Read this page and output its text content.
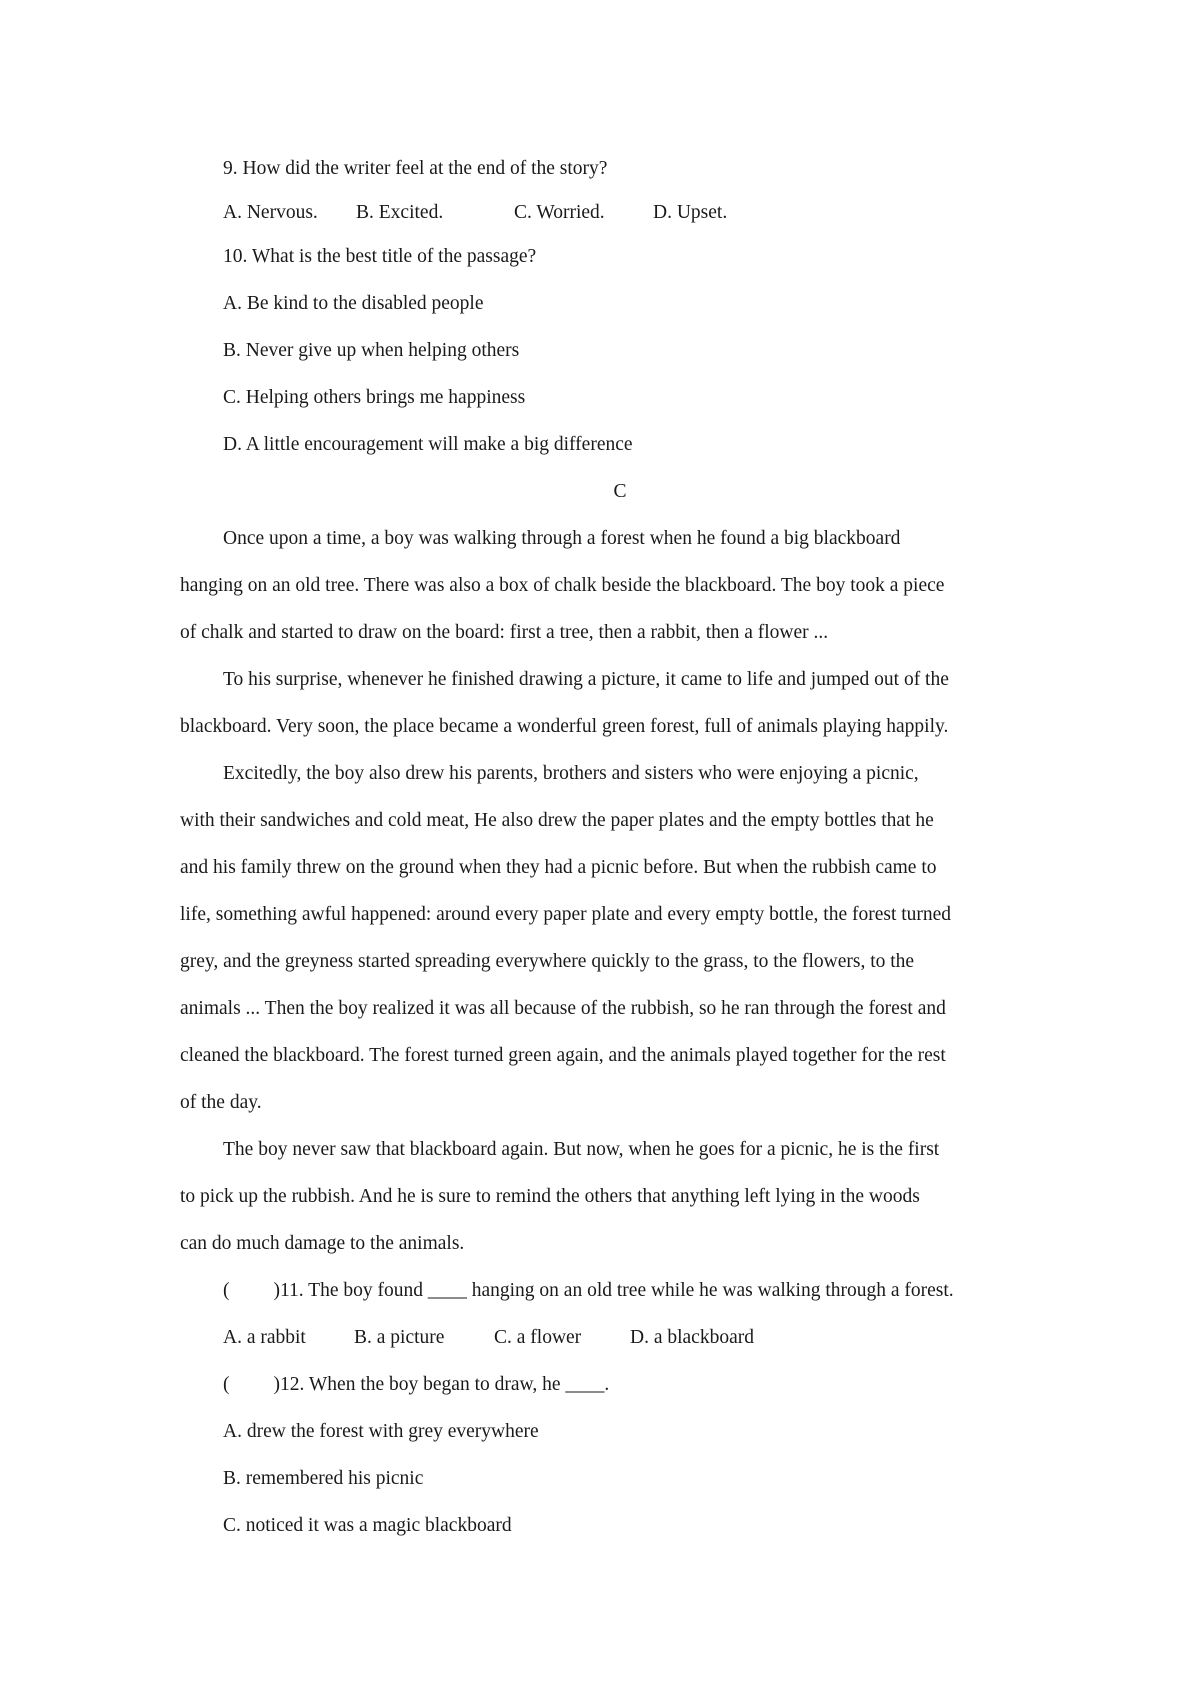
9. How did the writer feel at the end of the story?
A. Nervous. B. Excited.	C. Worried. D. Upset.
10. What is the best title of the passage?
A. Be kind to the disabled people
B. Never give up when helping others
C. Helping others brings me happiness
D. A little encouragement will make a big difference
C
Once upon a time, a boy was walking through a forest when he found a big blackboard
hanging on an old tree. There was also a box of chalk beside the blackboard. The boy took a piece
of chalk and started to draw on the board: first a tree, then a rabbit, then a flower ...
To his surprise, whenever he finished drawing a picture, it came to life and jumped out of the
blackboard. Very soon, the place became a wonderful green forest, full of animals playing happily.
Excitedly, the boy also drew his parents, brothers and sisters who were enjoying a picnic,
with their sandwiches and cold meat, He also drew the paper plates and the empty bottles that he
and his family threw on the ground when they had a picnic before. But when the rubbish came to
life, something awful happened: around every paper plate and every empty bottle, the forest turned
grey, and the greyness started spreading everywhere quickly to the grass, to the flowers, to the
animals ... Then the boy realized it was all because of the rubbish, so he ran through the forest and
cleaned the blackboard. The forest turned green again, and the animals played together for the rest
of the day.
The boy never saw that blackboard again. But now, when he goes for a picnic, he is the first
to pick up the rubbish. And he is sure to remind the others that anything left lying in the woods
can do much damage to the animals.
( )11. The boy found ____ hanging on an old tree while he was walking through a forest.
A. a rabbit B. a picture	C. a flower	D. a blackboard
( )12. When the boy began to draw, he ____.
A. drew the forest with grey everywhere
B. remembered his picnic
C. noticed it was a magic blackboard
